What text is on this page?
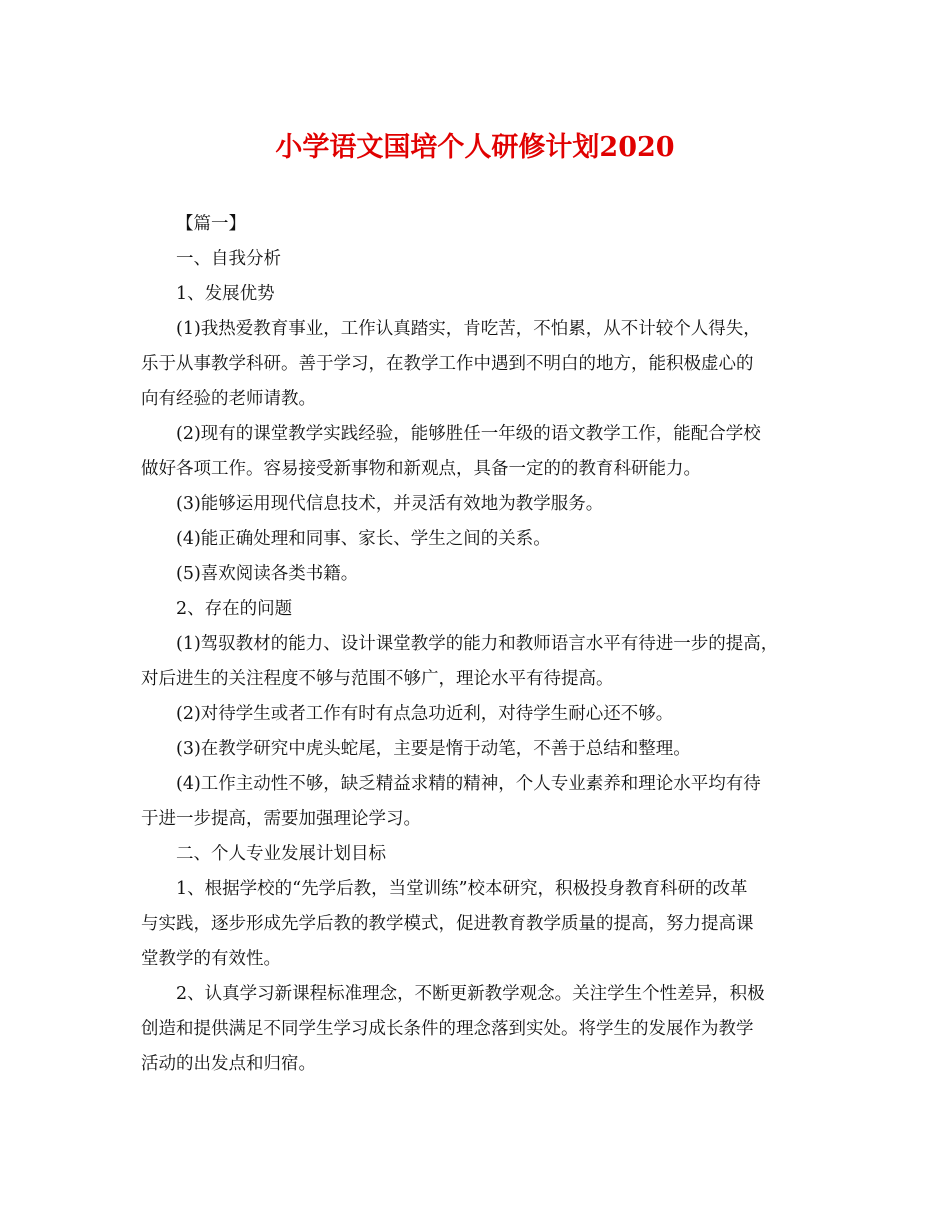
小学语文国培个人研修计划2020

【篇一】

一、自我分析

1、发展优势

(1)我热爱教育事业，工作认真踏实，肯吃苦，不怕累，从不计较个人得失，
乐于从事教学科研。善于学习，在教学工作中遇到不明白的地方，能积极虚心的
向有经验的老师请教。

(2)现有的课堂教学实践经验，能够胜任一年级的语文教学工作，能配合学校
做好各项工作。容易接受新事物和新观点，具备一定的的教育科研能力。

(3)能够运用现代信息技术，并灵活有效地为教学服务。

(4)能正确处理和同事、家长、学生之间的关系。

(5)喜欢阅读各类书籍。

2、存在的问题

(1)驾驭教材的能力、设计课堂教学的能力和教师语言水平有待进一步的提高，
对后进生的关注程度不够与范围不够广，理论水平有待提高。

(2)对待学生或者工作有时有点急功近利，对待学生耐心还不够。

(3)在教学研究中虎头蛇尾，主要是惰于动笔，不善于总结和整理。

(4)工作主动性不够，缺乏精益求精的精神，个人专业素养和理论水平均有待
于进一步提高，需要加强理论学习。

二、个人专业发展计划目标

1、根据学校的“先学后教，当堂训练”校本研究，积极投身教育科研的改革
与实践，逐步形成先学后教的教学模式，促进教育教学质量的提高，努力提高课
堂教学的有效性。

2、认真学习新课程标准理念，不断更新教学观念。关注学生个性差异，积极
创造和提供满足不同学生学习成长条件的理念落到实处。将学生的发展作为教学
活动的出发点和归宿。
